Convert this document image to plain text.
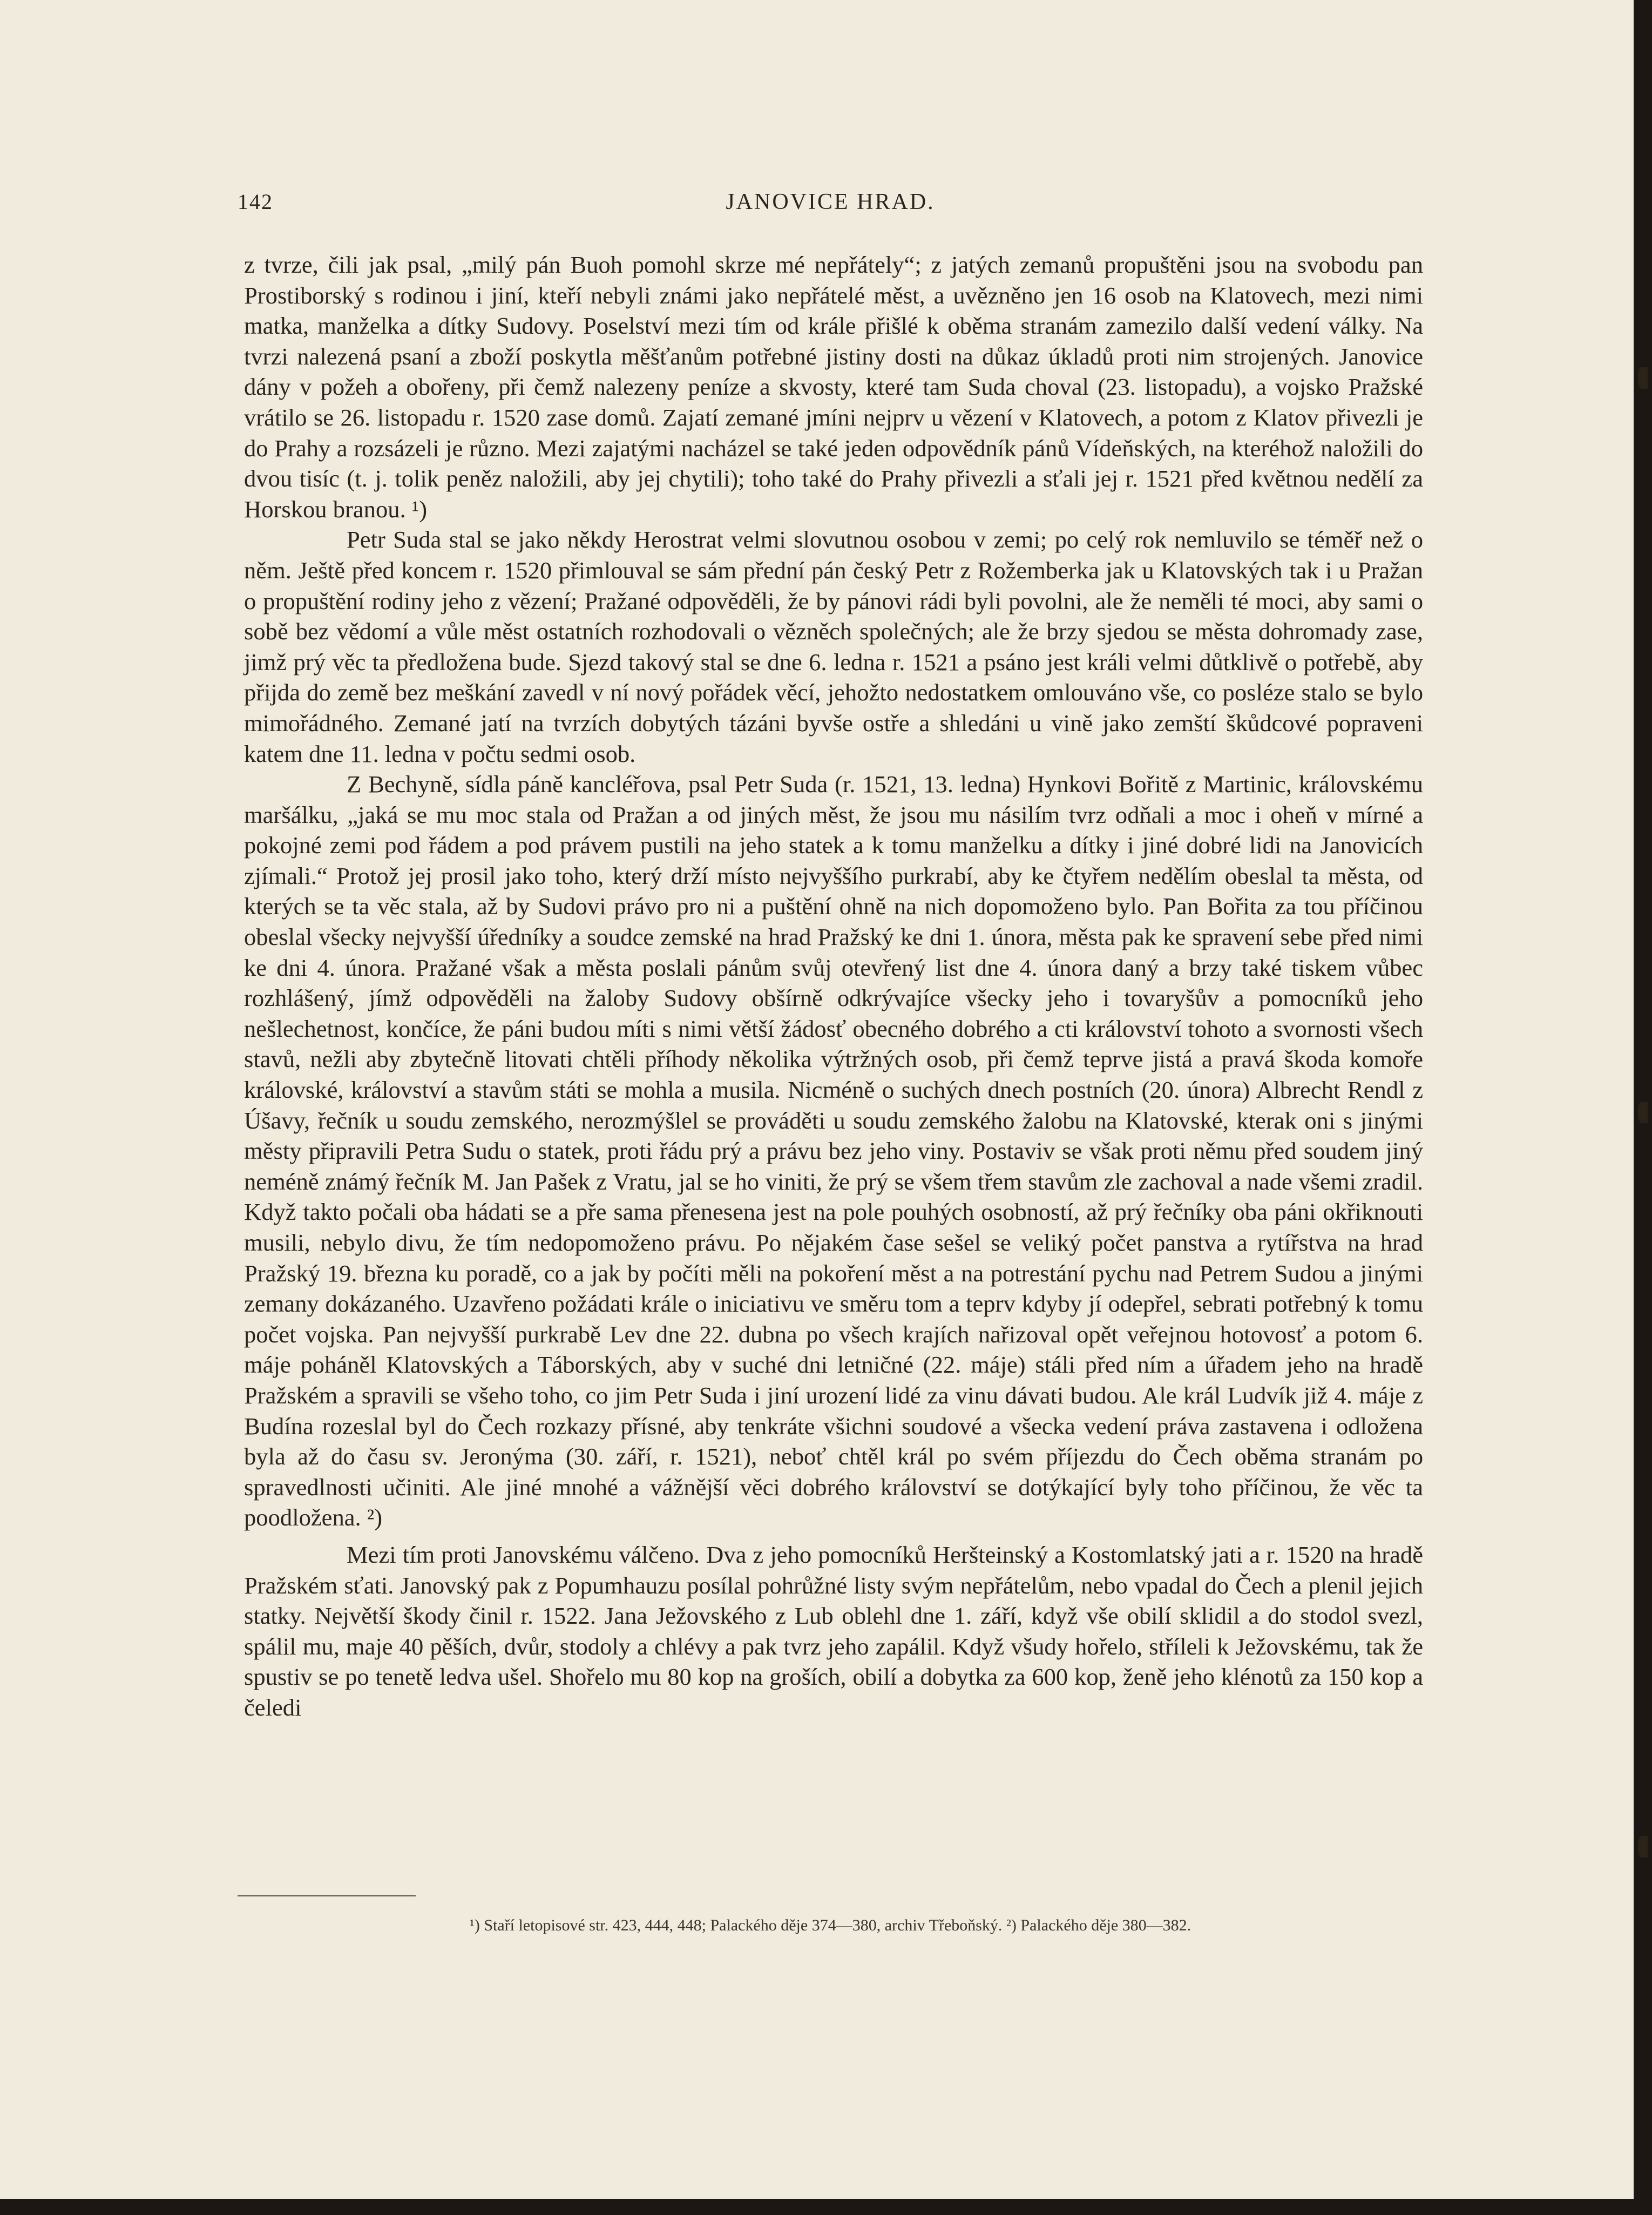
142	JANOVICE HRAD.

z tvrze, čili jak psal, „milý pán Buoh pomohl skrze mé nepřátely“; z jatých zemanů propuštěni jsou na svobodu pan Prostiborský s rodinou i jiní, kteří nebyli známi jako nepřátelé měst, a uvězněno jen 16 osob na Klatovech, mezi nimi matka, manželka a dítky Sudovy. Poselství mezi tím od krále přišlé k oběma stranám zamezilo další vedení války. Na tvrzi nalezená psaní a zboží poskytla měšťanům potřebné jistiny dosti na důkaz úkladů proti nim strojených. Janovice dány v požeh a obořeny, při čemž nalezeny peníze a skvosty, které tam Suda choval (23. listopadu), a vojsko Pražské vrátilo se 26. listopadu r. 1520 zase domů. Zajatí zemané jmíni nejprv u vězení v Klatovech, a potom z Klatov přivezli je do Prahy a rozsázeli je různo. Mezi zajatými nacházel se také jeden odpovědník pánů Vídeňských, na kteréhož naložili do dvou tisíc (t. j. tolik peněz naložili, aby jej chytili); toho také do Prahy přivezli a sťali jej r. 1521 před květnou nedělí za Horskou branou. ¹)

Petr Suda stal se jako někdy Herostrat velmi slovutnou osobou v zemi; po celý rok nemluvilo se téměř než o něm. Ještě před koncem r. 1520 přimlouval se sám přední pán český Petr z Rožemberka jak u Klatovských tak i u Pražan o propuštění rodiny jeho z vězení; Pražané odpověděli, že by pánovi rádi byli povolni, ale že neměli té moci, aby sami o sobě bez vědomí a vůle měst ostatních rozhodovali o vězněch společných; ale že brzy sjedou se města dohromady zase, jimž prý věc ta předložena bude. Sjezd takový stal se dne 6. ledna r. 1521 a psáno jest králi velmi důtklivě o potřebě, aby přijda do země bez meškání zavedl v ní nový pořádek věcí, jehožto nedostatkem omlouváno vše, co posléze stalo se bylo mimořádného. Zemané jatí na tvrzích dobytých tázáni byvše ostře a shledáni u vině jako zemští škůdcové popraveni katem dne 11. ledna v počtu sedmi osob.

Z Bechyně, sídla páně kancléřova, psal Petr Suda (r. 1521, 13. ledna) Hynkovi Bořitě z Martinic, královskému maršálku, „jaká se mu moc stala od Pražan a od jiných měst, že jsou mu násilím tvrz odňali a moc i oheň v mírné a pokojné zemi pod řádem a pod právem pustili na jeho statek a k tomu manželku a dítky i jiné dobré lidi na Janovicích zjímali.“ Protož jej prosil jako toho, který drží místo nejvyššího purkrabí, aby ke čtyřem nedělím obeslal ta města, od kterých se ta věc stala, až by Sudovi právo pro ni a puštění ohně na nich dopomoženo bylo. Pan Bořita za tou příčinou obeslal všecky nejvyšší úředníky a soudce zemské na hrad Pražský ke dni 1. února, města pak ke spravení sebe před nimi ke dni 4. února. Pražané však a města poslali pánům svůj otevřený list dne 4. února daný a brzy také tiskem vůbec rozhlášený, jímž odpověděli na žaloby Sudovy obšírně odkrývajíce všecky jeho i tovaryšův a pomocníků jeho nešlechetnost, končíce, že páni budou míti s nimi větší žádosť obecného dobrého a cti království tohoto a svornosti všech stavů, nežli aby zbytečně litovati chtěli příhody několika výtržných osob, při čemž teprve jistá a pravá škoda komoře královské, království a stavům státi se mohla a musila. Nicméně o suchých dnech postních (20. února) Albrecht Rendl z Úšavy, řečník u soudu zemského, nerozmýšlel se prováděti u soudu zemského žalobu na Klatovské, kterak oni s jinými městy připravili Petra Sudu o statek, proti řádu prý a právu bez jeho viny. Postaviv se však proti němu před soudem jiný neméně známý řečník M. Jan Pašek z Vratu, jal se ho viniti, že prý se všem třem stavům zle zachoval a nade všemi zradil. Když takto počali oba hádati se a pře sama přenesena jest na pole pouhých osobností, až prý řečníky oba páni okřiknouti musili, nebylo divu, že tím nedopomoženo právu. Po nějakém čase sešel se veliký počet panstva a rytířstva na hrad Pražský 19. března ku poradě, co a jak by počíti měli na pokoření měst a na potrestání pychu nad Petrem Sudou a jinými zemany dokázaného. Uzavřeno požádati krále o iniciativu ve směru tom a teprv kdyby jí odepřel, sebrati potřebný k tomu počet vojska. Pan nejvyšší purkrabě Lev dne 22. dubna po všech krajích nařizoval opět veřejnou hotovosť a potom 6. máje poháněl Klatovských a Táborských, aby v suché dni letničné (22. máje) stáli před ním a úřadem jeho na hradě Pražském a spravili se všeho toho, co jim Petr Suda i jiní urození lidé za vinu dávati budou. Ale král Ludvík již 4. máje z Budína rozeslal byl do Čech rozkazy přísné, aby tenkráte všichni soudové a všecka vedení práva zastavena i odložena byla až do času sv. Jeronýma (30. září, r. 1521), neboť chtěl král po svém příjezdu do Čech oběma stranám po spravedlnosti učiniti. Ale jiné mnohé a vážnější věci dobrého království se dotýkající byly toho příčinou, že věc ta poodložena. ²)

Mezi tím proti Janovskému válčeno. Dva z jeho pomocníků Heršteinský a Kostomlatský jati a r. 1520 na hradě Pražském sťati. Janovský pak z Popumhauzu posílal pohrůžné listy svým nepřátelům, nebo vpadal do Čech a plenil jejich statky. Největší škody činil r. 1522. Jana Ježovského z Lub oblehl dne 1. září, když vše obilí sklidil a do stodol svezl, spálil mu, maje 40 pěších, dvůr, stodoly a chlévy a pak tvrz jeho zapálil. Když všudy hořelo, stříleli k Ježovskému, tak že spustiv se po tenetě ledva ušel. Shořelo mu 80 kop na groších, obilí a dobytka za 600 kop, ženě jeho klénotů za 150 kop a čeledi

¹) Staří letopisové str. 423, 444, 448; Palackého děje 374—380, archiv Třeboňský. ²) Palackého děje 380—382.
